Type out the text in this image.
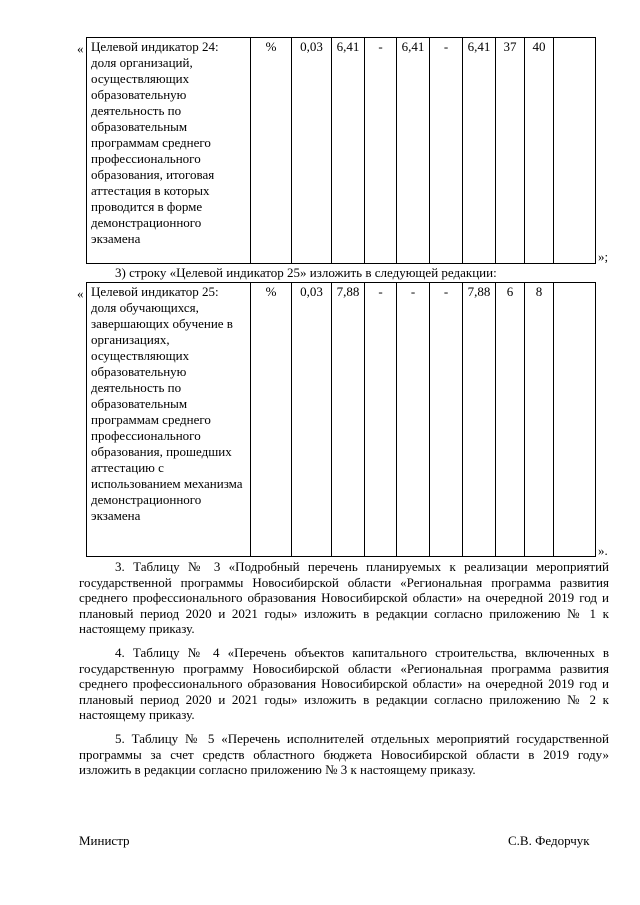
« Целевой индикатор 24: доля организаций, осуществляющих образовательную деятельность по образовательным программам среднего профессионального образования, итоговая аттестация в которых проводится в форме демонстрационного экзамена	%	0,03	6,41	-	6,41	-	6,41	37	40	
»;
3) строку «Целевой индикатор 25» изложить в следующей редакции:
« Целевой индикатор 25: доля обучающихся, завершающих обучение в организациях, осуществляющих образовательную деятельность по образовательным программам среднего профессионального образования, прошедших аттестацию с использованием механизма демонстрационного экзамена	%	0,03	7,88	-	-	-	7,88	6	8	
».

3. Таблицу № 3 «Подробный перечень планируемых к реализации мероприятий государственной программы Новосибирской области «Региональная программа развития среднего профессионального образования Новосибирской области» на очередной 2019 год и плановый период 2020 и 2021 годы» изложить в редакции согласно приложению № 1 к настоящему приказу.

4. Таблицу № 4 «Перечень объектов капитального строительства, включенных в государственную программу Новосибирской области «Региональная программа развития среднего профессионального образования Новосибирской области» на очередной 2019 год и плановый период 2020 и 2021 годы» изложить в редакции согласно приложению № 2 к настоящему приказу.

5. Таблицу № 5 «Перечень исполнителей отдельных мероприятий государственной программы за счет средств областного бюджета Новосибирской области в 2019 году» изложить в редакции согласно приложению № 3 к настоящему приказу.

Министр	С.В. Федорчук
